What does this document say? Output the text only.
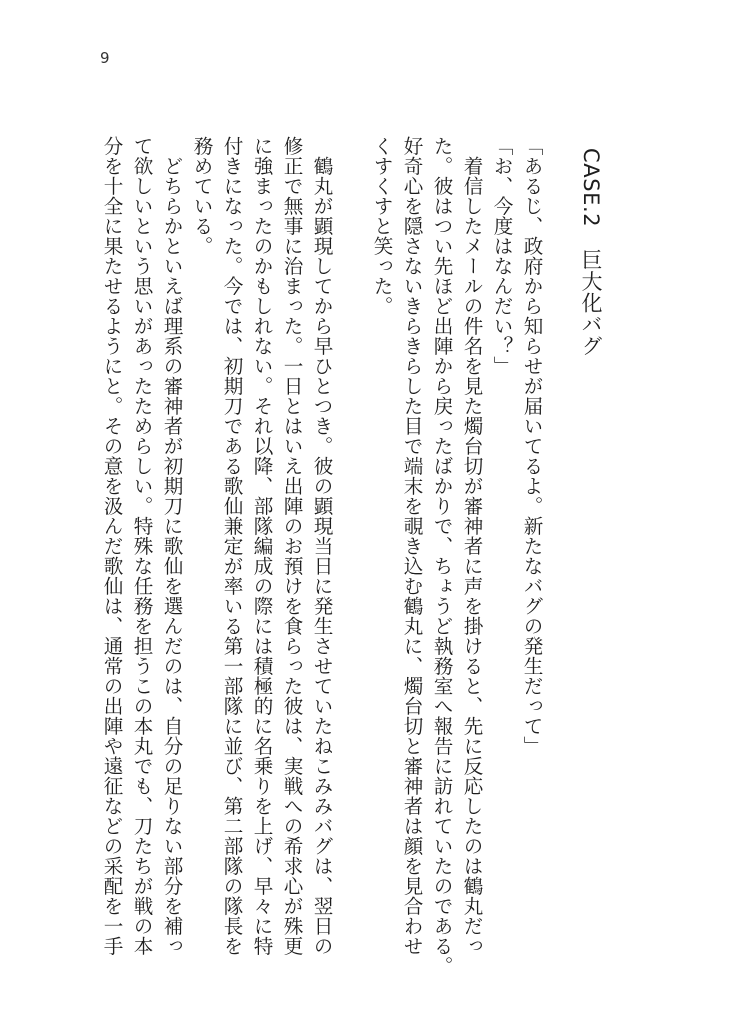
9
CASE.2　巨大化バグ
「あるじ、政府から知らせが届いてるよ。新たなバグの発生だって」
「お、今度はなんだい？」
着信したメールの件名を見た燭台切が審神者に声を掛けると、先に反応したのは鶴丸だっ
た。彼はつい先ほど出陣から戻ったばかりで、ちょうど執務室へ報告に訪れていたのである。
好奇心を隠さないきらきらした目で端末を覗き込む鶴丸に、燭台切と審神者は顔を見合わせ
くすくすと笑った。
鶴丸が顕現してから早ひとつき。彼の顕現当日に発生させていたねこみみバグは、翌日の
修正で無事に治まった。一日とはいえ出陣のお預けを食らった彼は、実戦への希求心が殊更
に強まったのかもしれない。それ以降、部隊編成の際には積極的に名乗りを上げ、早々に特
付きになった。今では、初期刀である歌仙兼定が率いる第一部隊に並び、第二部隊の隊長を
務めている。
どちらかといえば理系の審神者が初期刀に歌仙を選んだのは、自分の足りない部分を補っ
て欲しいという思いがあったためらしい。特殊な任務を担うこの本丸でも、刀たちが戦の本
分を十全に果たせるようにと。その意を汲んだ歌仙は、通常の出陣や遠征などの采配を一手
